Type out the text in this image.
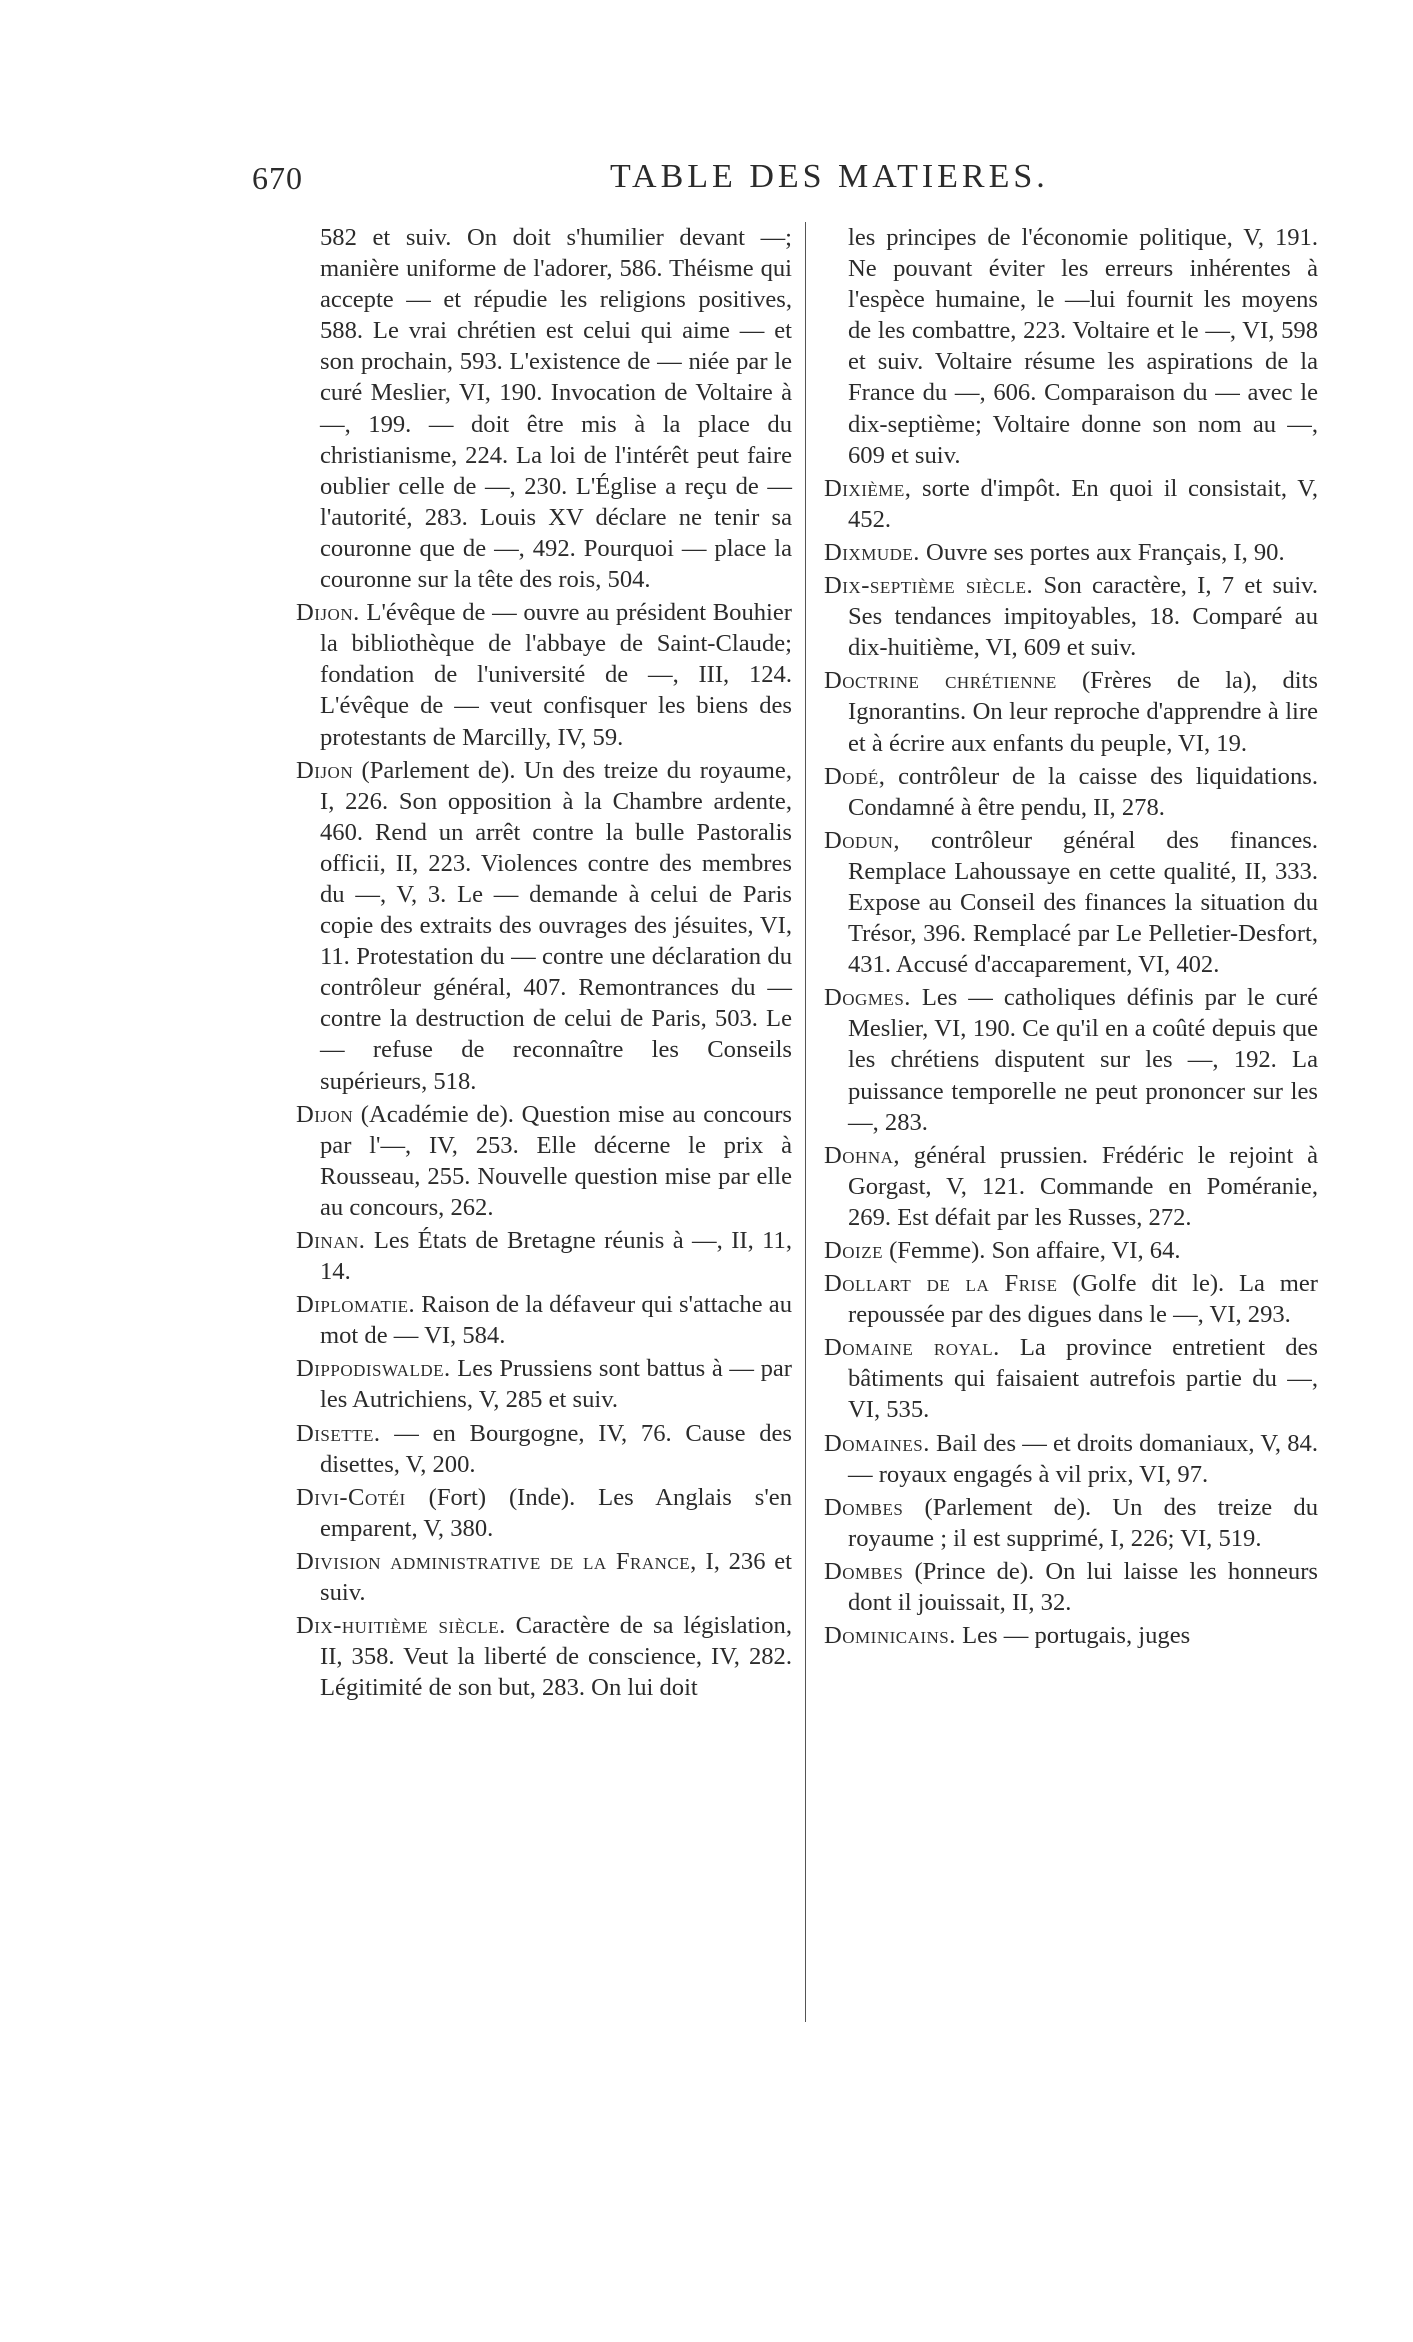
670	TABLE DES MATIERES.

582 et suiv. On doit s'humilier devant —; manière uniforme de l'adorer, 586. Théisme qui accepte — et répudie les religions positives, 588. Le vrai chrétien est celui qui aime — et son prochain, 593. L'existence de — niée par le curé Meslier, VI, 190. Invocation de Voltaire à —, 199. — doit être mis à la place du christianisme, 224. La loi de l'intérêt peut faire oublier celle de —, 230. L'Église a reçu de — l'autorité, 283. Louis XV déclare ne tenir sa couronne que de —, 492. Pourquoi — place la couronne sur la tête des rois, 504.

Dijon. L'évêque de — ouvre au président Bouhier la bibliothèque de l'abbaye de Saint-Claude; fondation de l'université de —, III, 124. L'évêque de — veut confisquer les biens des protestants de Marcilly, IV, 59.

Dijon (Parlement de). Un des treize du royaume, I, 226. Son opposition à la Chambre ardente, 460. Rend un arrêt contre la bulle Pastoralis officii, II, 223. Violences contre des membres du —, V, 3. Le — demande à celui de Paris copie des extraits des ouvrages des jésuites, VI, 11. Protestation du — contre une déclaration du contrôleur général, 407. Remontrances du — contre la destruction de celui de Paris, 503. Le — refuse de reconnaître les Conseils supérieurs, 518.

Dijon (Académie de). Question mise au concours par l'—, IV, 253. Elle décerne le prix à Rousseau, 255. Nouvelle question mise par elle au concours, 262.

Dinan. Les États de Bretagne réunis à —, II, 11, 14.

Diplomatie. Raison de la défaveur qui s'attache au mot de — VI, 584.

Dippodiswalde. Les Prussiens sont battus à — par les Autrichiens, V, 285 et suiv.

Disette. — en Bourgogne, IV, 76. Cause des disettes, V, 200.

Divi-Cotéi (Fort) (Inde). Les Anglais s'en emparent, V, 380.

Division administrative de la France, I, 236 et suiv.

Dix-huitième siècle. Caractère de sa législation, II, 358. Veut la liberté de conscience, IV, 282. Légitimité de son but, 283. On lui doit

les principes de l'économie politique, V, 191. Ne pouvant éviter les erreurs inhérentes à l'espèce humaine, le —lui fournit les moyens de les combattre, 223. Voltaire et le —, VI, 598 et suiv. Voltaire résume les aspirations de la France du —, 606. Comparaison du — avec le dix-septième; Voltaire donne son nom au —, 609 et suiv.

Dixième, sorte d'impôt. En quoi il consistait, V, 452.

Dixmude. Ouvre ses portes aux Français, I, 90.

Dix-septième siècle. Son caractère, I, 7 et suiv. Ses tendances impitoyables, 18. Comparé au dix-huitième, VI, 609 et suiv.

Doctrine chrétienne (Frères de la), dits Ignorantins. On leur reproche d'apprendre à lire et à écrire aux enfants du peuple, VI, 19.

Dodé, contrôleur de la caisse des liquidations. Condamné à être pendu, II, 278.

Dodun, contrôleur général des finances. Remplace Lahoussaye en cette qualité, II, 333. Expose au Conseil des finances la situation du Trésor, 396. Remplacé par Le Pelletier-Desfort, 431. Accusé d'accaparement, VI, 402.

Dogmes. Les — catholiques définis par le curé Meslier, VI, 190. Ce qu'il en a coûté depuis que les chrétiens disputent sur les —, 192. La puissance temporelle ne peut prononcer sur les —, 283.

Dohna, général prussien. Frédéric le rejoint à Gorgast, V, 121. Commande en Poméranie, 269. Est défait par les Russes, 272.

Doize (Femme). Son affaire, VI, 64.

Dollart de la Frise (Golfe dit le). La mer repoussée par des digues dans le —, VI, 293.

Domaine royal. La province entretient des bâtiments qui faisaient autrefois partie du —, VI, 535.

Domaines. Bail des — et droits domaniaux, V, 84. — royaux engagés à vil prix, VI, 97.

Dombes (Parlement de). Un des treize du royaume ; il est supprimé, I, 226; VI, 519.

Dombes (Prince de). On lui laisse les honneurs dont il jouissait, II, 32.

Dominicains. Les — portugais, juges
